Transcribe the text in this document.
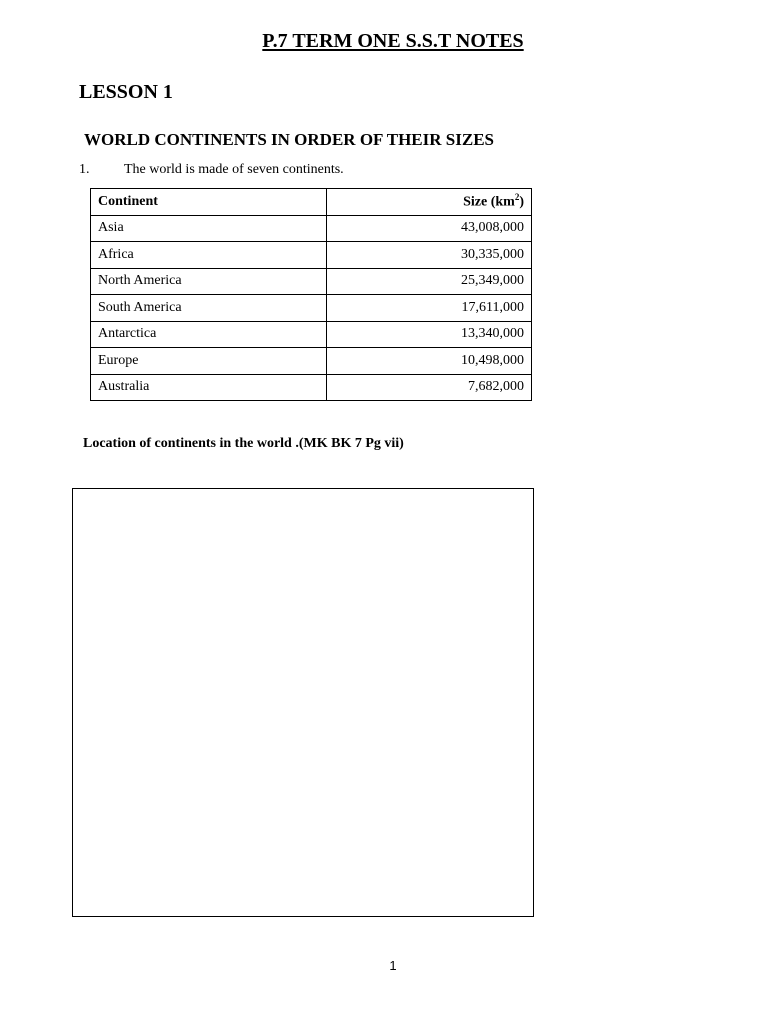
P.7 TERM ONE S.S.T NOTES
LESSON 1
WORLD CONTINENTS IN ORDER OF THEIR SIZES
1. The world is made of seven continents.
Continent	Size $(km^2)$
Asia	43,008,000
Africa	30,335,000
North America	25,349,000
South America	17,611,000
Antarctica	13,340,000
Europe	10,498,000
Australia	7,682,000
Location of continents in the world .(MK BK 7 Pg vii)
1
